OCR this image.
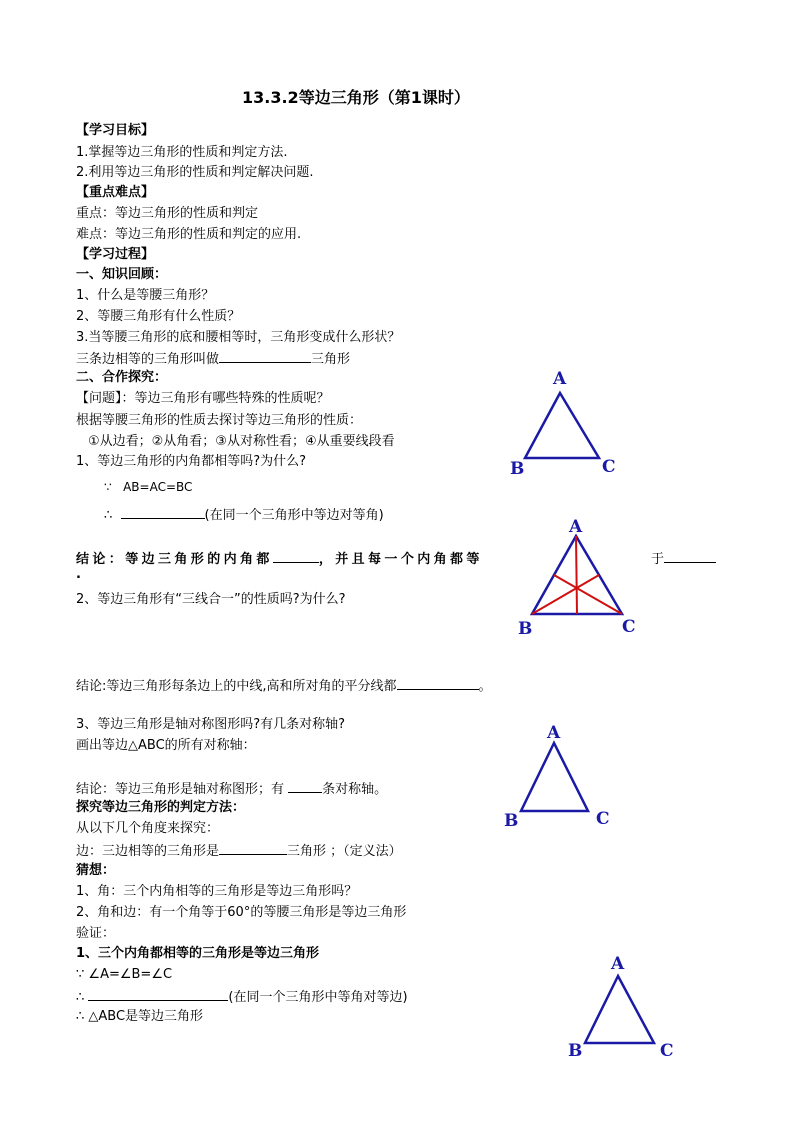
13.3.2等边三角形（第1课时）
【学习目标】
1.掌握等边三角形的性质和判定方法.
2.利用等边三角形的性质和判定解决问题.
【重点难点】
重点：等边三角形的性质和判定
难点：等边三角形的性质和判定的应用.
【学习过程】
一、知识回顾：
1、什么是等腰三角形？
2、等腰三角形有什么性质？
3.当等腰三角形的底和腰相等时，三角形变成什么形状？
三条边相等的三角形叫做	三角形
二、合作探究：
【问题】：等边三角形有哪些特殊的性质呢？
根据等腰三角形的性质去探讨等边三角形的性质：
①从边看；②从角看；③从对称性看；④从重要线段看
1、等边三角形的内角都相等吗?为什么?
∵ AB=AC=BC
∴	(在同一个三角形中等边对等角)
结论：等边三角形的内角都	，并且每一个内角都等	于
.
2、等边三角形有“三线合一”的性质吗?为什么?
结论:等边三角形每条边上的中线,高和所对角的平分线都	。
3、等边三角形是轴对称图形吗?有几条对称轴?
画出等边△ABC的所有对称轴：
结论：等边三角形是轴对称图形；有	条对称轴。
探究等边三角形的判定方法：
从以下几个角度来探究：
边：三边相等的三角形是	三角形 ；（定义法）
猜想：
1、角：三个内角相等的三角形是等边三角形吗？
2、角和边：有一个角等于60°的等腰三角形是等边三角形
验证：
1、三个内角都相等的三角形是等边三角形
∵ ∠A=∠B=∠C
∴	(在同一个三角形中等角对等边)
∴ △ABC是等边三角形
A
B	C
A
B	C
A
B	C
A
B	C
